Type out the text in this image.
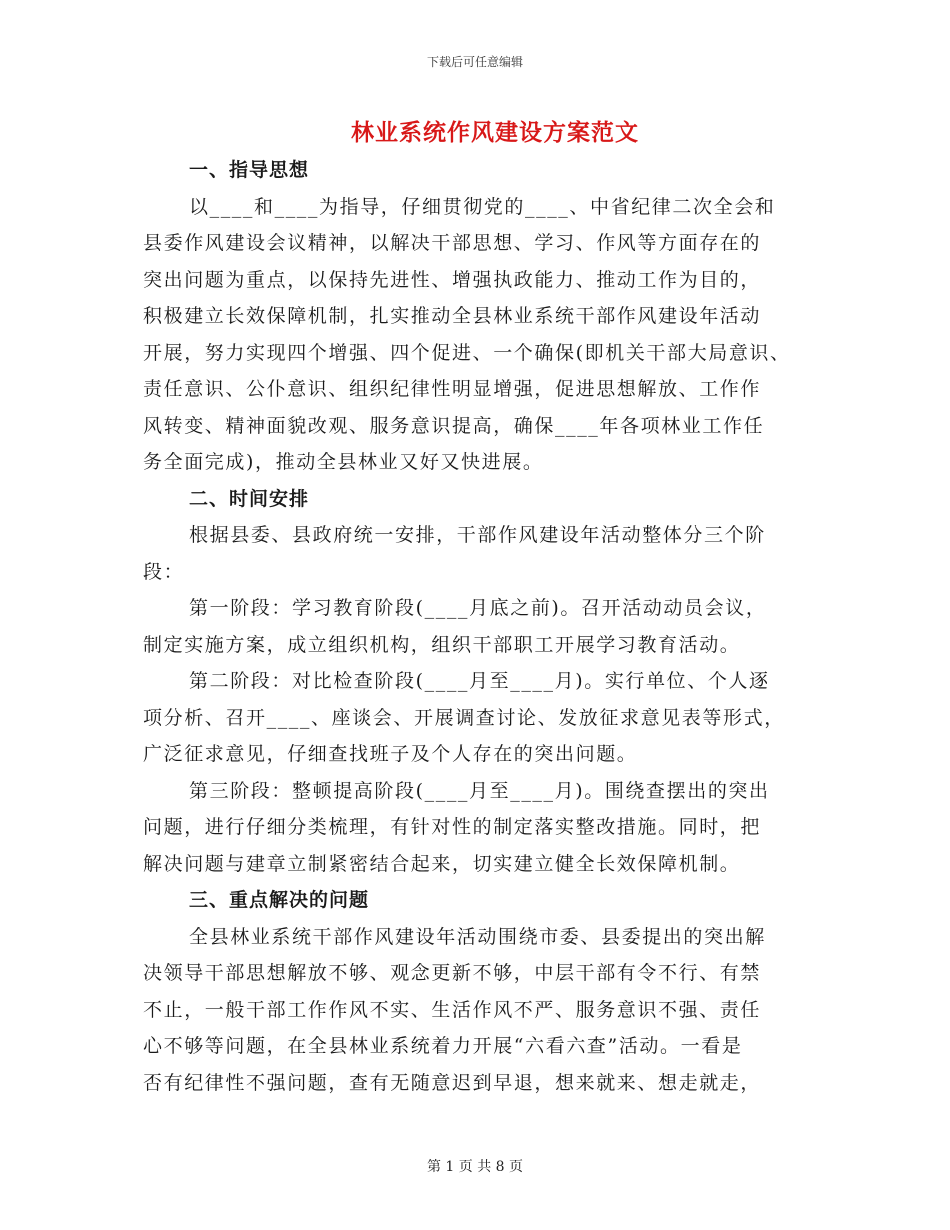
下载后可任意编辑
林业系统作风建设方案范文
一、指导思想
以____和____为指导，仔细贯彻党的____、中省纪律二次全会和
县委作风建设会议精神，以解决干部思想、学习、作风等方面存在的
突出问题为重点，以保持先进性、增强执政能力、推动工作为目的，
积极建立长效保障机制，扎实推动全县林业系统干部作风建设年活动
开展，努力实现四个增强、四个促进、一个确保(即机关干部大局意识、
责任意识、公仆意识、组织纪律性明显增强，促进思想解放、工作作
风转变、精神面貌改观、服务意识提高，确保____年各项林业工作任
务全面完成)，推动全县林业又好又快进展。
二、时间安排
根据县委、县政府统一安排，干部作风建设年活动整体分三个阶
段：
第一阶段：学习教育阶段(____月底之前)。召开活动动员会议，
制定实施方案，成立组织机构，组织干部职工开展学习教育活动。
第二阶段：对比检查阶段(____月至____月)。实行单位、个人逐
项分析、召开____、座谈会、开展调查讨论、发放征求意见表等形式，
广泛征求意见，仔细查找班子及个人存在的突出问题。
第三阶段：整顿提高阶段(____月至____月)。围绕查摆出的突出
问题，进行仔细分类梳理，有针对性的制定落实整改措施。同时，把
解决问题与建章立制紧密结合起来，切实建立健全长效保障机制。
三、重点解决的问题
全县林业系统干部作风建设年活动围绕市委、县委提出的突出解
决领导干部思想解放不够、观念更新不够，中层干部有令不行、有禁
不止，一般干部工作作风不实、生活作风不严、服务意识不强、责任
心不够等问题，在全县林业系统着力开展“六看六查”活动。一看是
否有纪律性不强问题，查有无随意迟到早退，想来就来、想走就走，
第 1 页 共 8 页
